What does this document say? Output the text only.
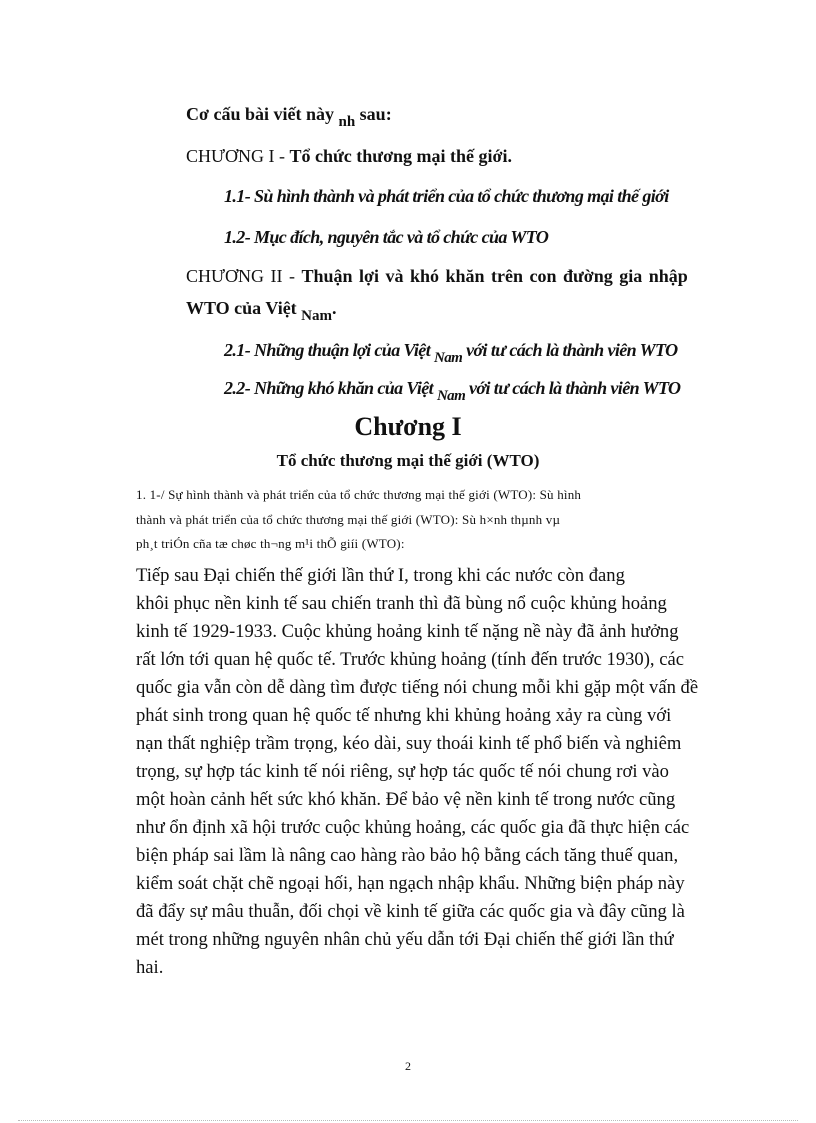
Cơ cấu bài viết này $_{nh}$ sau:
CHƯƠNG I - Tổ chức thương mại thế giới.
1.1- Sù hình thành và phát triển của tổ chức thương mại thế giới
1.2- Mục đích, nguyên tắc và tổ chức của WTO
CHƯƠNG II - Thuận lợi và khó khăn trên con đường gia nhập
WTO của Việt $_{Nam}$.
2.1- Những thuận lợi của Việt $_{Nam}$ với tư cách là thành viên WTO
2.2- Những khó khăn của Việt $_{Nam}$ với tư cách là thành viên WTO
Chương I
Tổ chức thương mại thế giới (WTO)
1. 1-/ Sự hình thành và phát triển của tổ chức thương mại thế giới (WTO): Sù hình
thành và phát triển của tổ chức thương mại thế giới (WTO): Sù h×nh thµnh vµ
ph¸t triÓn cña tæ chøc th¬ng m¹i thÕ giíi (WTO):
Tiếp sau Đại chiến thế giới lần thứ I, trong khi các nước còn đang
khôi phục nền kinh tế sau chiến tranh thì đã bùng nổ cuộc khủng hoảng
kinh tế 1929-1933. Cuộc khủng hoảng kinh tế nặng nề này đã ảnh hưởng
rất lớn tới quan hệ quốc tế. Trước khủng hoảng (tính đến trước 1930), các
quốc gia vẫn còn dễ dàng tìm được tiếng nói chung mỗi khi gặp một vấn đề
phát sinh trong quan hệ quốc tế nhưng khi khủng hoảng xảy ra cùng với
nạn thất nghiệp trầm trọng, kéo dài, suy thoái kinh tế phổ biến và nghiêm
trọng, sự hợp tác kinh tế nói riêng, sự hợp tác quốc tế nói chung rơi vào
một hoàn cảnh hết sức khó khăn. Để bảo vệ nền kinh tế trong nước cũng
như ổn định xã hội trước cuộc khủng hoảng, các quốc gia đã thực hiện các
biện pháp sai lầm là nâng cao hàng rào bảo hộ bằng cách tăng thuế quan,
kiểm soát chặt chẽ ngoại hối, hạn ngạch nhập khẩu. Những biện pháp này
đã đẩy sự mâu thuẫn, đối chọi về kinh tế giữa các quốc gia và đây cũng là
mét trong những nguyên nhân chủ yếu dẫn tới Đại chiến thế giới lần thứ
hai.
2
